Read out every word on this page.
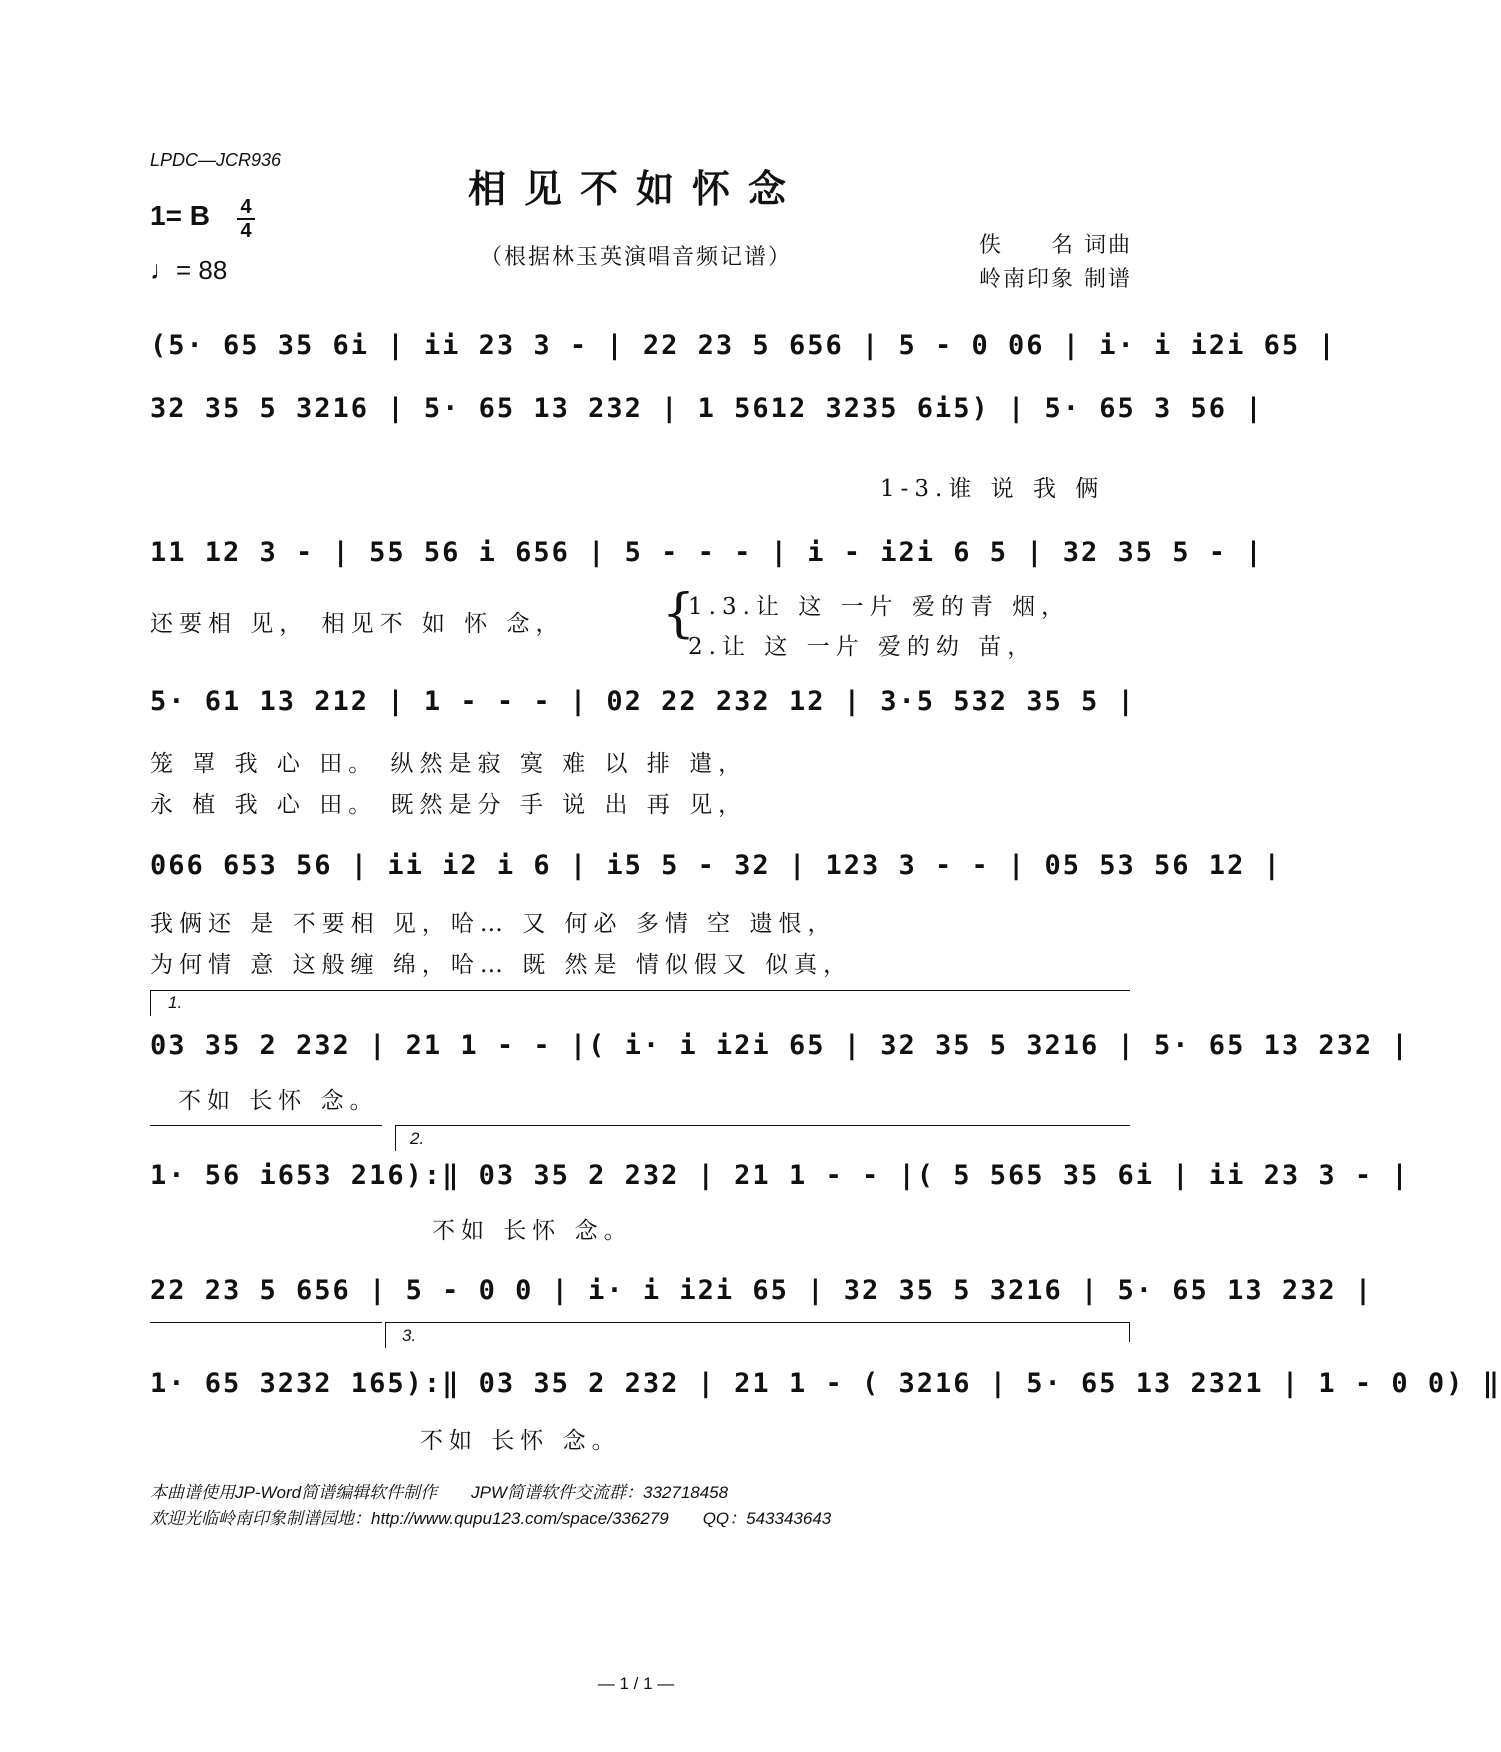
LPDC—JCR936
相见不如怀念
（根据林玉英演唱音频记谱）	佚　　名 词曲
岭南印象 制谱
1= B 4
4
♩= 88
(5· 65 35 6i | ii 23 3 - | 22 23 5 656 | 5 - 0 06 | i· i i2i 65 |
32 35 5 3216 | 5· 65 13 232 | 1 5612 3235 6i5) | 5· 65 3 56 |
1-3.谁 说 我 俩
11 12 3 - | 55 56 i 656 | 5 - - - | i - i2i 6 5 | 32 35 5 - |
还要相 见， 相见不 如 怀 念，	{
1.3.让 这 一片 爱的青 烟，
2.让 这 一片 爱的幼 苗，
5· 61 13 212 | 1 - - - | 02 22 232 12 | 3·5 532 35 5 |
笼 罩 我 心 田。 纵然是寂 寞 难 以 排 遣，
永 植 我 心 田。 既然是分 手 说 出 再 见，
066 653 56 | ii i2 i 6 | i5 5 - 32 | 123 3 - - | 05 53 56 12 |
我俩还 是 不要相 见，哈… 又 何必 多情 空 遗恨，
为何情 意 这般缠 绵，哈… 既 然是 情似假又 似真，
1.
03 35 2 232 | 21 1 - - |( i· i i2i 65 | 32 35 5 3216 | 5· 65 13 232 |
不如 长怀 念。
2.
1· 56 i653 216):‖ 03 35 2 232 | 21 1 - - |( 5 565 35 6i | ii 23 3 - |
不如 长怀 念。
22 23 5 656 | 5 - 0 0 | i· i i2i 65 | 32 35 5 3216 | 5· 65 13 232 |
3.
1· 65 3232 165):‖ 03 35 2 232 | 21 1 - ( 3216 | 5· 65 13 2321 | 1 - 0 0) ‖
不如 长怀 念。
本曲谱使用JP-Word简谱编辑软件制作　　JPW简谱软件交流群：332718458
欢迎光临岭南印象制谱园地：http://www.qupu123.com/space/336279　　QQ：543343643
— 1 / 1 —
